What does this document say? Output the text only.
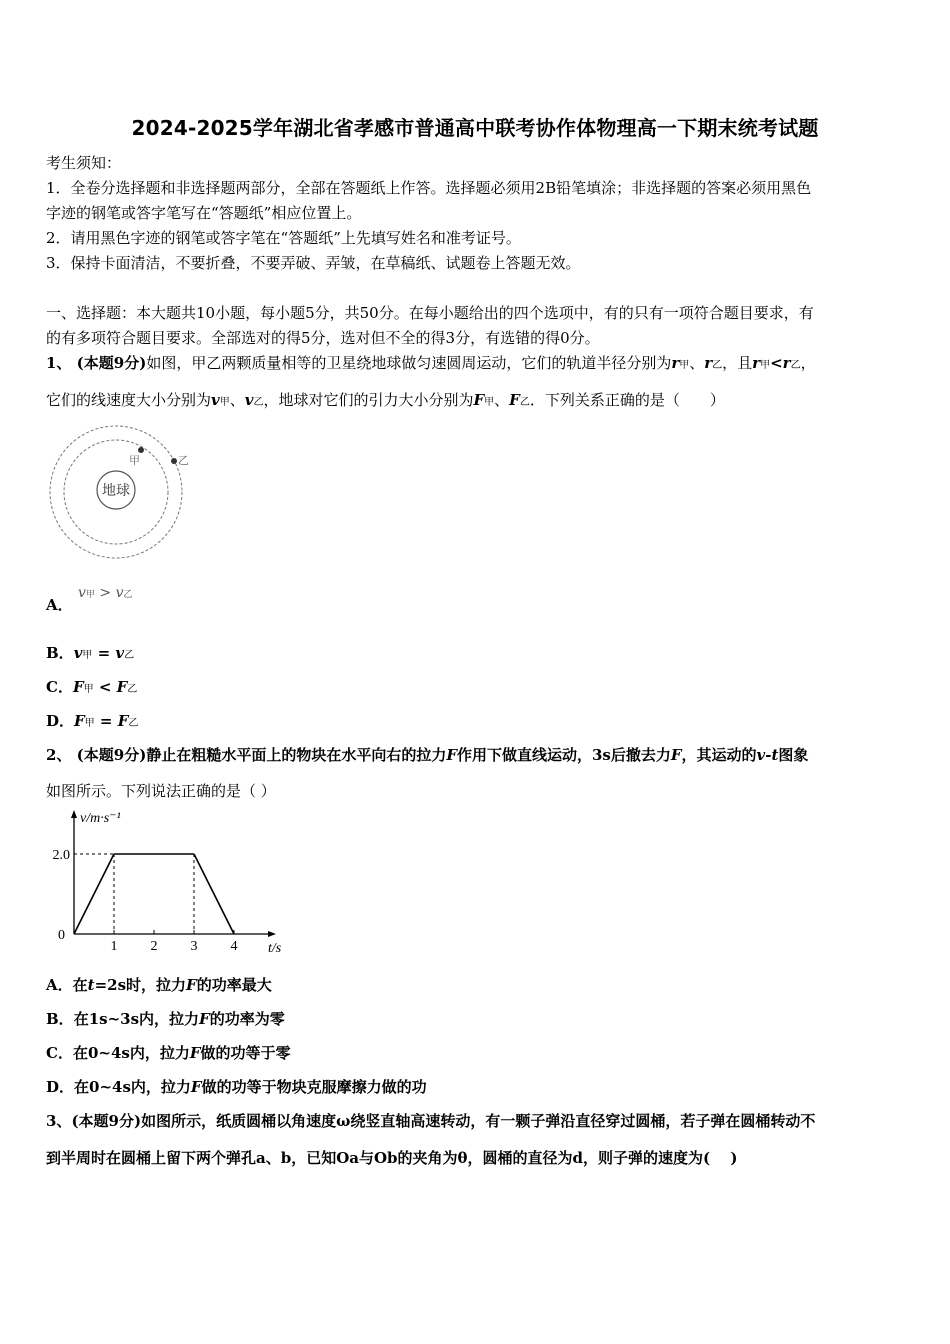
2024-2025学年湖北省孝感市普通高中联考协作体物理高一下期末统考试题
考生须知：
1．全卷分选择题和非选择题两部分，全部在答题纸上作答。选择题必须用2B铅笔填涂；非选择题的答案必须用黑色
字迹的钢笔或答字笔写在“答题纸”相应位置上。
2．请用黑色字迹的钢笔或答字笔在“答题纸”上先填写姓名和准考证号。
3．保持卡面清洁，不要折叠，不要弄破、弄皱，在草稿纸、试题卷上答题无效。
一、选择题：本大题共10小题，每小题5分，共50分。在每小题给出的四个选项中，有的只有一项符合题目要求，有
的有多项符合题目要求。全部选对的得5分，选对但不全的得3分，有选错的得0分。
1、 (本题9分)如图，甲乙两颗质量相等的卫星绕地球做匀速圆周运动，它们的轨道半径分别为r甲、r乙，且r甲<r乙，
它们的线速度大小分别为v甲、v乙，地球对它们的引力大小分别为F甲、F乙．下列关系正确的是（　　）
地球
甲	乙
A．
v甲 > v乙
B．v甲 = v乙
C．F甲 < F乙
D．F甲 = F乙
2、 (本题9分)静止在粗糙水平面上的物块在水平向右的拉力F作用下做直线运动，3s后撤去力F，其运动的v-t图象
如图所示。下列说法正确的是（ ）
v/m·s⁻¹
t/s
0
1 2 3 4
2.0
A．在t=2s时，拉力F的功率最大
B．在1s~3s内，拉力F的功率为零
C．在0~4s内，拉力F做的功等于零
D．在0~4s内，拉力F做的功等于物块克服摩擦力做的功
3、(本题9分)如图所示，纸质圆桶以角速度ω绕竖直轴高速转动，有一颗子弹沿直径穿过圆桶，若子弹在圆桶转动不
到半周时在圆桶上留下两个弹孔a、b，已知Oa与Ob的夹角为θ，圆桶的直径为d，则子弹的速度为(　 )
